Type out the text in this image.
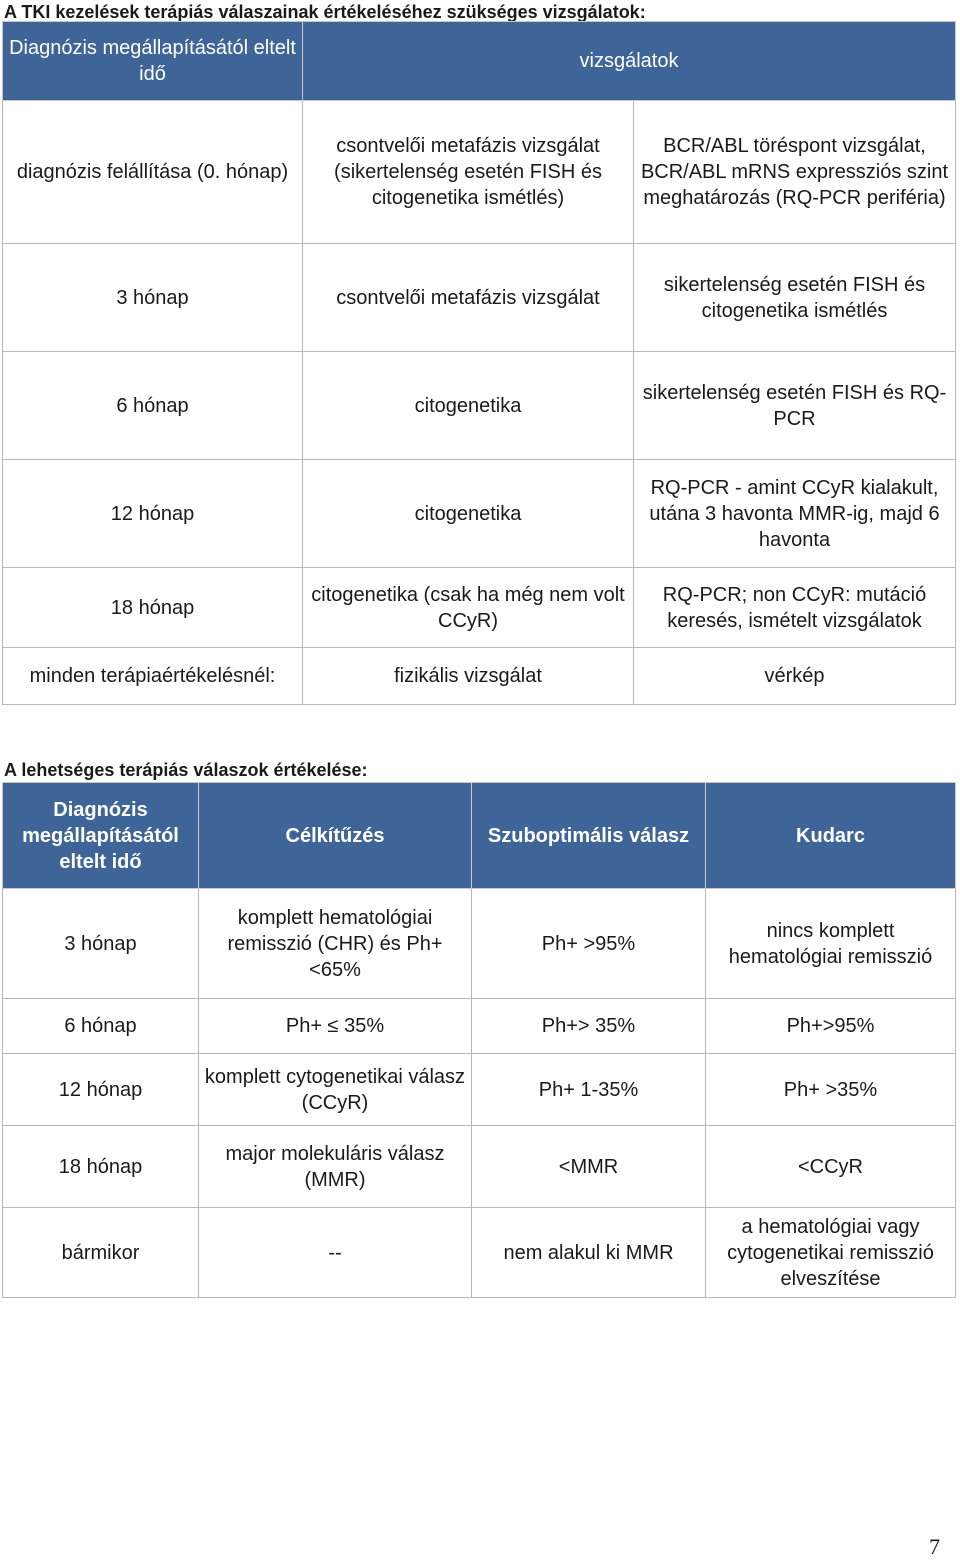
A TKI kezelések terápiás válaszainak értékeléséhez szükséges vizsgálatok:
Diagnózis megállapításától eltelt idő	vizsgálatok	
diagnózis felállítása (0. hónap)	csontvelői metafázis vizsgálat (sikertelenség esetén FISH és citogenetika ismétlés)	BCR/ABL töréspont vizsgálat, BCR/ABL mRNS expressziós szint meghatározás (RQ-PCR periféria)
3 hónap	csontvelői metafázis vizsgálat	sikertelenség esetén FISH és citogenetika ismétlés
6 hónap	citogenetika	sikertelenség esetén FISH és RQ-PCR
12 hónap	citogenetika	RQ-PCR - amint CCyR kialakult, utána 3 havonta MMR-ig, majd 6 havonta
18 hónap	citogenetika (csak ha még nem volt CCyR)	RQ-PCR; non CCyR: mutáció keresés, ismételt vizsgálatok
minden terápiaértékelésnél:	fizikális vizsgálat	vérkép
A lehetséges terápiás válaszok értékelése:
Diagnózis megállapításától eltelt idő	Célkítűzés	Szuboptimális válasz	Kudarc
3 hónap	komplett hematológiai remisszió (CHR) és Ph+<65%	Ph+ >95%	nincs komplett hematológiai remisszió
6 hónap	Ph+ ≤ 35%	Ph+> 35%	Ph+>95%
12 hónap	komplett cytogenetikai válasz (CCyR)	Ph+ 1-35%	Ph+ >35%
18 hónap	major molekuláris válasz (MMR)	<MMR	<CCyR
bármikor	--	nem alakul ki MMR	a hematológiai vagy cytogenetikai remisszió elveszítése
7
